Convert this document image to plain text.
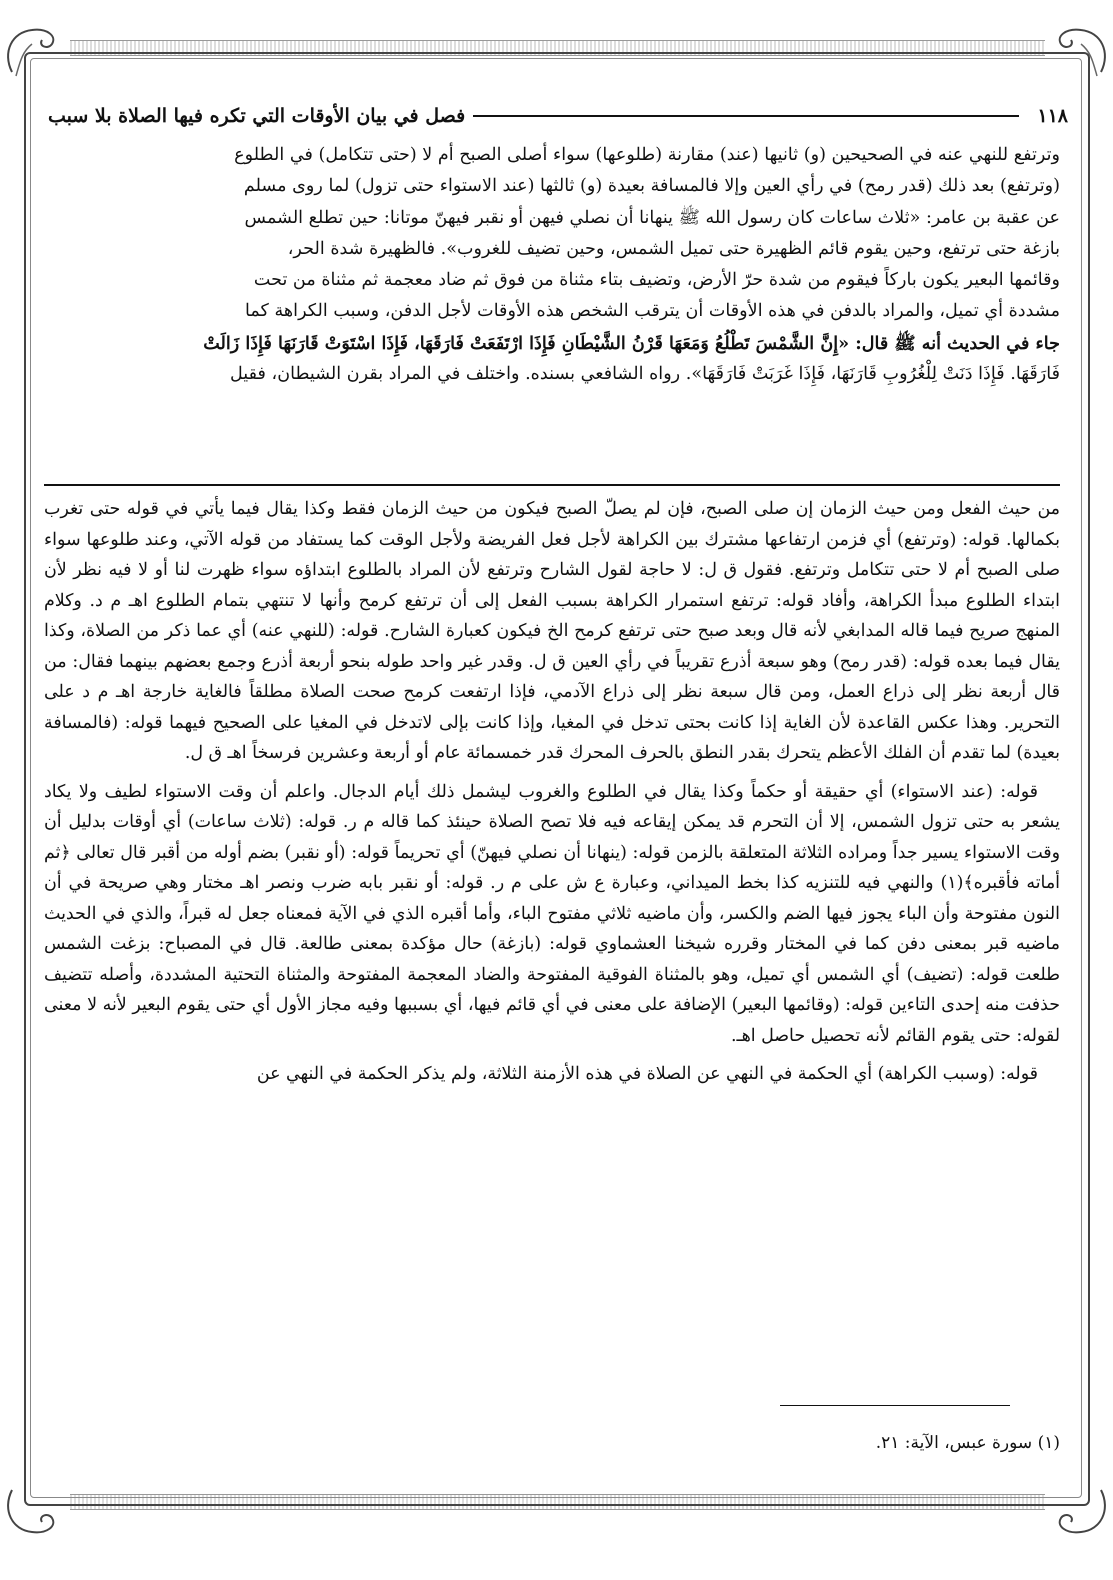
١١٨
فصل في بيان الأوقات التي تكره فيها الصلاة بلا سبب

وترتفع للنهي عنه في الصحيحين (و) ثانيها (عند) مقارنة (طلوعها) سواء أصلى الصبح أم لا (حتى تتكامل) في الطلوع

(وترتفع) بعد ذلك (قدر رمح) في رأي العين وإلا فالمسافة بعيدة (و) ثالثها (عند الاستواء حتى تزول) لما روى مسلم

عن عقبة بن عامر: «ثلاث ساعات كان رسول الله ﷺ ينهانا أن نصلي فيهن أو نقبر فيهنّ موتانا: حين تطلع الشمس

بازغة حتى ترتفع، وحين يقوم قائم الظهيرة حتى تميل الشمس، وحين تضيف للغروب». فالظهيرة شدة الحر،

وقائمها البعير يكون باركاً فيقوم من شدة حرّ الأرض، وتضيف بتاء مثناة من فوق ثم ضاد معجمة ثم مثناة من تحت

مشددة أي تميل، والمراد بالدفن في هذه الأوقات أن يترقب الشخص هذه الأوقات لأجل الدفن، وسبب الكراهة كما

جاء في الحديث أنه ﷺ قال: «إِنَّ الشَّمْسَ تَطْلُعُ وَمَعَهَا قَرْنُ الشَّيْطَانِ فَإِذَا ارْتَفَعَتْ فَارَقَهَا، فَإِذَا اسْتَوَتْ قَارَنَهَا فَإِذَا زَالَتْ

فَارَقَهَا. فَإِذَا دَنَتْ لِلْغُرُوبِ قَارَنَهَا، فَإِذَا غَرَبَتْ فَارَقَهَا». رواه الشافعي بسنده. واختلف في المراد بقرن الشيطان، فقيل

من حيث الفعل ومن حيث الزمان إن صلى الصبح، فإن لم يصلّ الصبح فيكون من حيث الزمان فقط وكذا يقال فيما يأتي في قوله حتى تغرب بكمالها. قوله: (وترتفع) أي فزمن ارتفاعها مشترك بين الكراهة لأجل فعل الفريضة ولأجل الوقت كما يستفاد من قوله الآتي، وعند طلوعها سواء صلى الصبح أم لا حتى تتكامل وترتفع. فقول ق ل: لا حاجة لقول الشارح وترتفع لأن المراد بالطلوع ابتداؤه سواء ظهرت لنا أو لا فيه نظر لأن ابتداء الطلوع مبدأ الكراهة، وأفاد قوله: ترتفع استمرار الكراهة بسبب الفعل إلى أن ترتفع كرمح وأنها لا تنتهي بتمام الطلوع اهـ م د. وكلام المنهج صريح فيما قاله المدابغي لأنه قال وبعد صبح حتى ترتفع كرمح الخ فيكون كعبارة الشارح. قوله: (للنهي عنه) أي عما ذكر من الصلاة، وكذا يقال فيما بعده قوله: (قدر رمح) وهو سبعة أذرع تقريباً في رأي العين ق ل. وقدر غير واحد طوله بنحو أربعة أذرع وجمع بعضهم بينهما فقال: من قال أربعة نظر إلى ذراع العمل، ومن قال سبعة نظر إلى ذراع الآدمي، فإذا ارتفعت كرمح صحت الصلاة مطلقاً فالغاية خارجة اهـ م د على التحرير. وهذا عكس القاعدة لأن الغاية إذا كانت بحتى تدخل في المغيا، وإذا كانت بإلى لاتدخل في المغيا على الصحيح فيهما قوله: (فالمسافة بعيدة) لما تقدم أن الفلك الأعظم يتحرك بقدر النطق بالحرف المحرك قدر خمسمائة عام أو أربعة وعشرين فرسخاً اهـ ق ل.

قوله: (عند الاستواء) أي حقيقة أو حكماً وكذا يقال في الطلوع والغروب ليشمل ذلك أيام الدجال. واعلم أن وقت الاستواء لطيف ولا يكاد يشعر به حتى تزول الشمس، إلا أن التحرم قد يمكن إيقاعه فيه فلا تصح الصلاة حينئذ كما قاله م ر. قوله: (ثلاث ساعات) أي أوقات بدليل أن وقت الاستواء يسير جداً ومراده الثلاثة المتعلقة بالزمن قوله: (ينهانا أن نصلي فيهنّ) أي تحريماً قوله: (أو نقبر) بضم أوله من أقبر قال تعالى ﴿ثم أماته فأقبره﴾(١) والنهي فيه للتنزيه كذا بخط الميداني، وعبارة ع ش على م ر. قوله: أو نقبر بابه ضرب ونصر اهـ مختار وهي صريحة في أن النون مفتوحة وأن الباء يجوز فيها الضم والكسر، وأن ماضيه ثلاثي مفتوح الباء، وأما أقبره الذي في الآية فمعناه جعل له قبراً، والذي في الحديث ماضيه قبر بمعنى دفن كما في المختار وقرره شيخنا العشماوي قوله: (بازغة) حال مؤكدة بمعنى طالعة. قال في المصباح: بزغت الشمس طلعت قوله: (تضيف) أي الشمس أي تميل، وهو بالمثناة الفوقية المفتوحة والضاد المعجمة المفتوحة والمثناة التحتية المشددة، وأصله تتضيف حذفت منه إحدى التاءين قوله: (وقائمها البعير) الإضافة على معنى في أي قائم فيها، أي بسببها وفيه مجاز الأول أي حتى يقوم البعير لأنه لا معنى لقوله: حتى يقوم القائم لأنه تحصيل حاصل اهـ.

قوله: (وسبب الكراهة) أي الحكمة في النهي عن الصلاة في هذه الأزمنة الثلاثة، ولم يذكر الحكمة في النهي عن

(١) سورة عبس، الآية: ٢١.
